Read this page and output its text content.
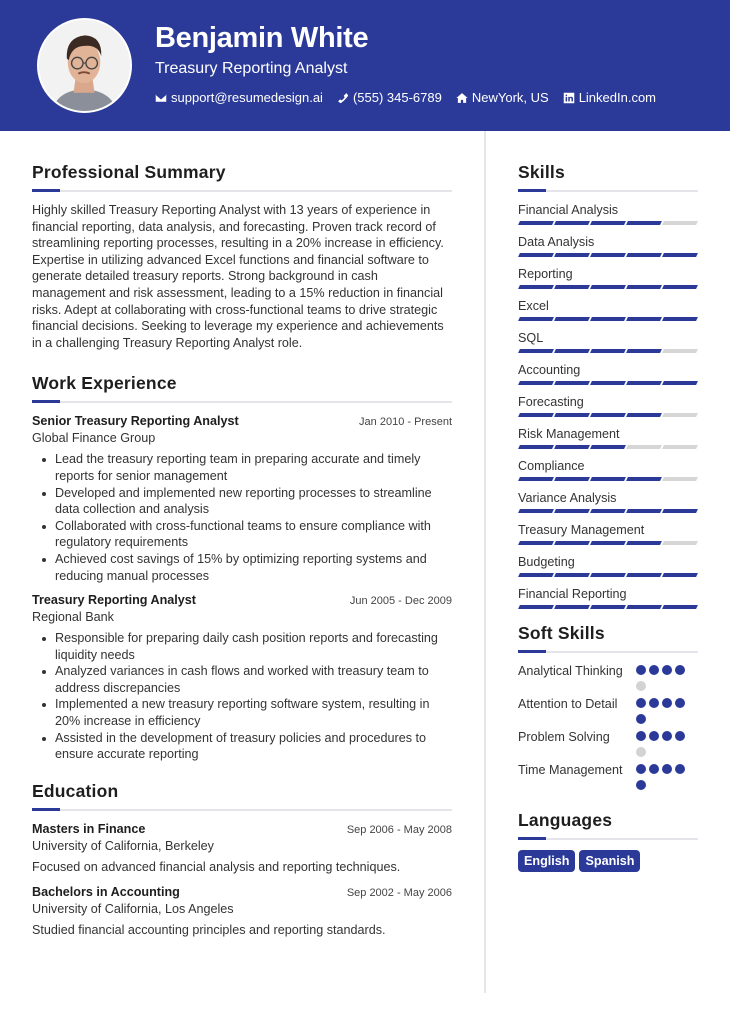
Benjamin White
Treasury Reporting Analyst
support@resumedesign.ai (555) 345-6789 NewYork, US LinkedIn.com
Professional Summary

Highly skilled Treasury Reporting Analyst with 13 years of experience in financial reporting, data analysis, and forecasting. Proven track record of streamlining reporting processes, resulting in a 20% increase in efficiency. Expertise in utilizing advanced Excel functions and financial software to generate detailed treasury reports. Strong background in cash management and risk assessment, leading to a 15% reduction in financial risks. Adept at collaborating with cross-functional teams to drive strategic financial decisions. Seeking to leverage my experience and achievements in a challenging Treasury Reporting Analyst role.

Work Experience
Senior Treasury Reporting Analyst	Jan 2010 - Present
Global Finance Group
Lead the treasury reporting team in preparing accurate and timely reports for senior management
Developed and implemented new reporting processes to streamline data collection and analysis
Collaborated with cross-functional teams to ensure compliance with regulatory requirements
Achieved cost savings of 15% by optimizing reporting systems and reducing manual processes
Treasury Reporting Analyst	Jun 2005 - Dec 2009
Regional Bank
Responsible for preparing daily cash position reports and forecasting liquidity needs
Analyzed variances in cash flows and worked with treasury team to address discrepancies
Implemented a new treasury reporting software system, resulting in 20% increase in efficiency
Assisted in the development of treasury policies and procedures to ensure accurate reporting
Education
Masters in Finance	Sep 2006 - May 2008
University of California, Berkeley
Focused on advanced financial analysis and reporting techniques.
Bachelors in Accounting	Sep 2002 - May 2006
University of California, Los Angeles
Studied financial accounting principles and reporting standards.
Skills
Financial Analysis
Data Analysis
Reporting
Excel
SQL
Accounting
Forecasting
Risk Management
Compliance
Variance Analysis
Treasury Management
Budgeting
Financial Reporting
Soft Skills
Analytical Thinking
Attention to Detail
Problem Solving
Time Management
Languages
English	Spanish
